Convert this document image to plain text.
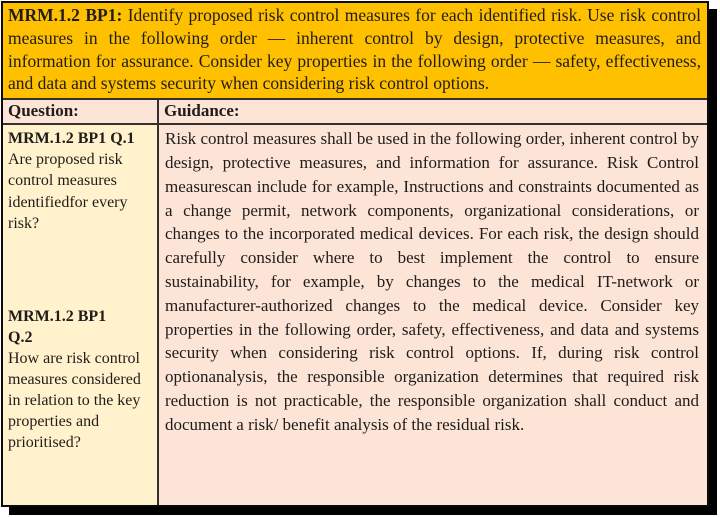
MRM.1.2 BP1: Identify proposed risk control measures for each identified risk. Use risk control measures in the following order — inherent control by design, protective measures, and information for assurance. Consider key properties in the following order — safety, effectiveness, and data and systems security when considering risk control options.
Question:	Guidance:
MRM.1.2 BP1 Q.1
Are proposed risk control measures identifiedfor every risk?
MRM.1.2 BP1
Q.2
How are risk control measures considered in relation to the key properties and prioritised?
Risk control measures shall be used in the following order, inherent control by design, protective measures, and information for assurance. Risk Control measurescan include for example, Instructions and constraints documented as a change permit, network components, organizational considerations, or changes to the incorporated medical devices. For each risk, the design should carefully consider where to best implement the control to ensure sustainability, for example, by changes to the medical IT-network or manufacturer-authorized changes to the medical device. Consider key properties in the following order, safety, effectiveness, and data and systems security when considering risk control options. If, during risk control optionanalysis, the responsible organization determines that required risk reduction is not practicable, the responsible organization shall conduct and document a risk/ benefit analysis of the residual risk.
